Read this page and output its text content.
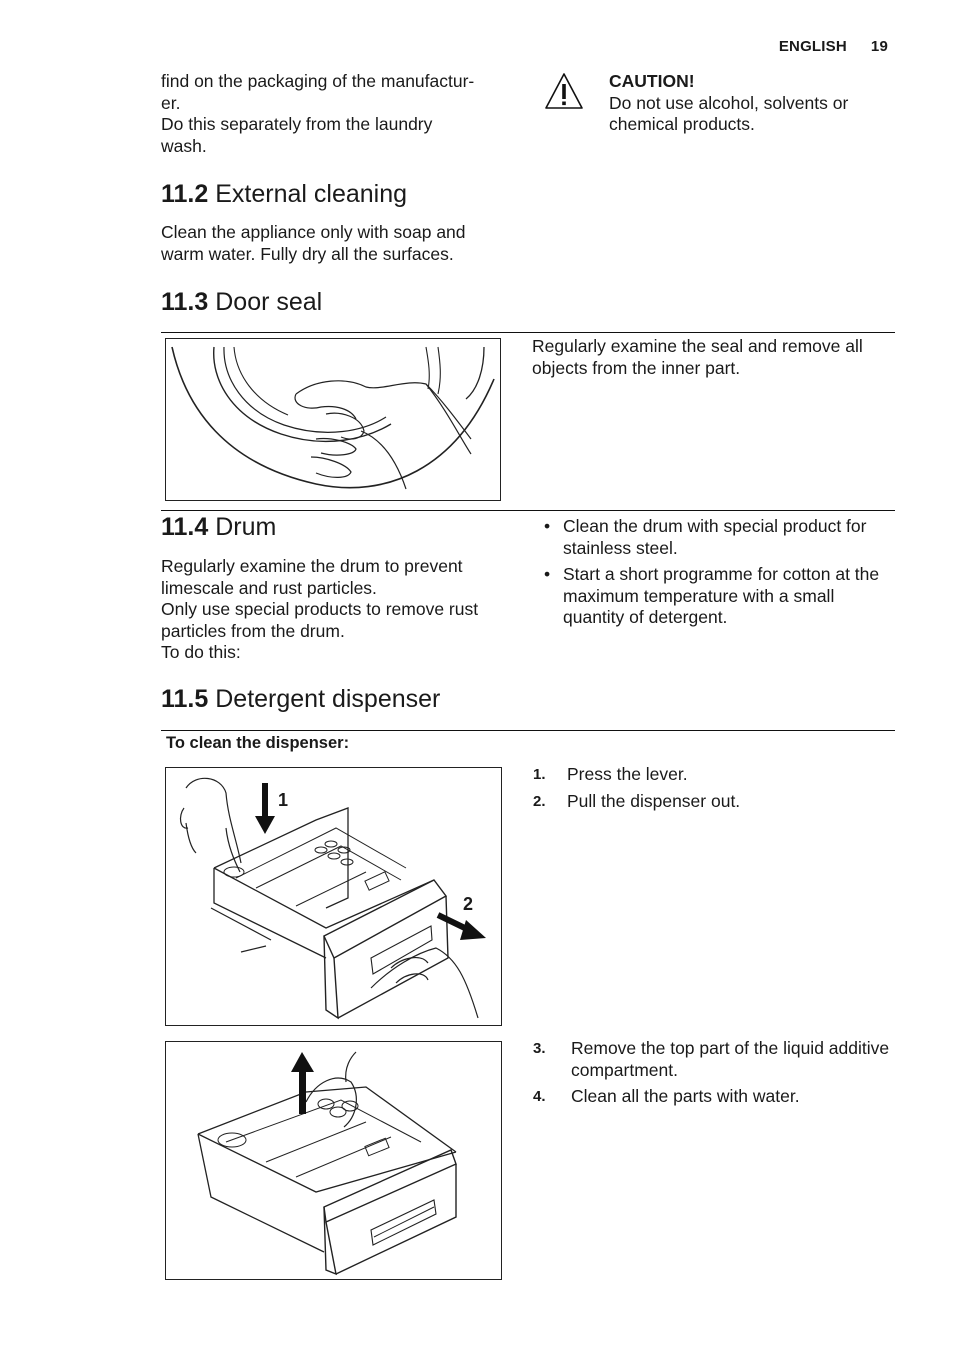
ENGLISH 19
find on the packaging of the manufactur-
er.
Do this separately from the laundry
wash.
CAUTION!
Do not use alcohol, solvents or chemical products.
11.2 External cleaning
Clean the appliance only with soap and warm water. Fully dry all the surfaces.
11.3 Door seal
Regularly examine the seal and remove all objects from the inner part.
11.4 Drum

Regularly examine the drum to prevent limescale and rust particles.

Only use special products to remove rust particles from the drum.

To do this:

• Clean the drum with special product for stainless steel.
• Start a short programme for cotton at the maximum temperature with a small quantity of detergent.
11.5 Detergent dispenser
To clean the dispenser:
1
2
1. Press the lever.
2. Pull the dispenser out.
3. Remove the top part of the liquid additive compartment.
4. Clean all the parts with water.
